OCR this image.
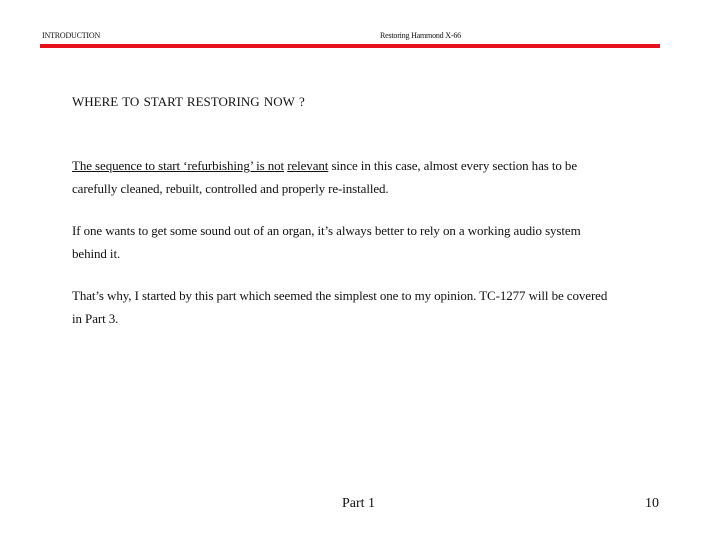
INTRODUCTION	Restoring Hammond X-66
WHERE TO START RESTORING NOW ?
The sequence to start ‘refurbishing’ is not relevant since in this case, almost every section has to be
carefully cleaned, rebuilt, controlled and properly re-installed.
If one wants to get some sound out of an organ, it’s always better to rely on a working audio system
behind it.
That’s why, I started by this part which seemed the simplest one to my opinion. TC-1277 will be covered
in Part 3.
Part 1	10
